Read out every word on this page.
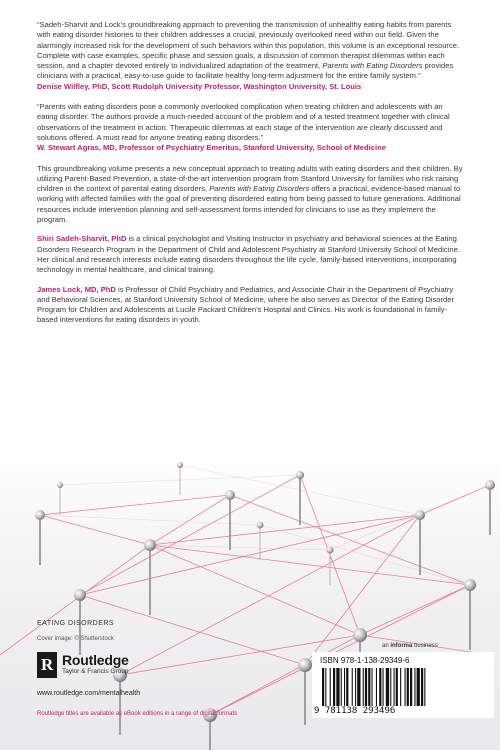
“Sadeh-Sharvit and Lock’s groundbreaking approach to preventing the transmission of unhealthy eating habits from parents with eating disorder histories to their children addresses a crucial, previously overlooked need within our field. Given the alarmingly increased risk for the development of such behaviors within this population, this volume is an exceptional resource. Complete with case examples, specific phase and session goals, a discussion of common therapist dilemmas within each session, and a chapter devoted entirely to individualized adaptation of the treatment, Parents with Eating Disorders provides clinicians with a practical, easy-to-use guide to facilitate healthy long-term adjustment for the entire family system.”

Denise Wilfley, PhD, Scott Rudolph University Professor, Washington University, St. Louis

“Parents with eating disorders pose a commonly overlooked complication when treating children and adolescents with an eating disorder. The authors provide a much-needed account of the problem and of a tested treatment together with clinical observations of the treatment in action. Therapeutic dilemmas at each stage of the intervention are clearly discussed and solutions offered. A must read for anyone treating eating disorders.”

W. Stewart Agras, MD, Professor of Psychiatry Emeritus, Stanford University, School of Medicine

This groundbreaking volume presents a new conceptual approach to treating adults with eating disorders and their children. By utilizing Parent-Based Prevention, a state-of-the-art intervention program from Stanford University for families who risk raising children in the context of parental eating disorders, Parents with Eating Disorders offers a practical, evidence-based manual to working with affected families with the goal of preventing disordered eating from being passed to future generations. Additional resources include intervention planning and self-assessment forms intended for clinicians to use as they implement the program.

Shiri Sadeh-Sharvit, PhD is a clinical psychologist and Visiting Instructor in psychiatry and behavioral sciences at the Eating Disorders Research Program in the Department of Child and Adolescent Psychiatry at Stanford University School of Medicine. Her clinical and research interests include eating disorders throughout the life cycle, family-based interventions, incorporating technology in mental healthcare, and clinical training.

James Lock, MD, PhD is Professor of Child Psychiatry and Pediatrics, and Associate Chair in the Department of Psychiatry and Behavioral Sciences, at Stanford University School of Medicine, where he also serves as Director of the Eating Disorder Program for Children and Adolescents at Lucile Packard Children’s Hospital and Clinics. His work is foundational in family-based interventions for eating disorders in youth.

EATING DISORDERS
Cover image: © Shutterstock
R Routledge
Taylor & Francis Group
www.routledge.com/mentalhealth
Routledge titles are available as eBook editions in a range of digital formats
an informa business
ISBN 978-1-138-29349-6
9 781138 293496
